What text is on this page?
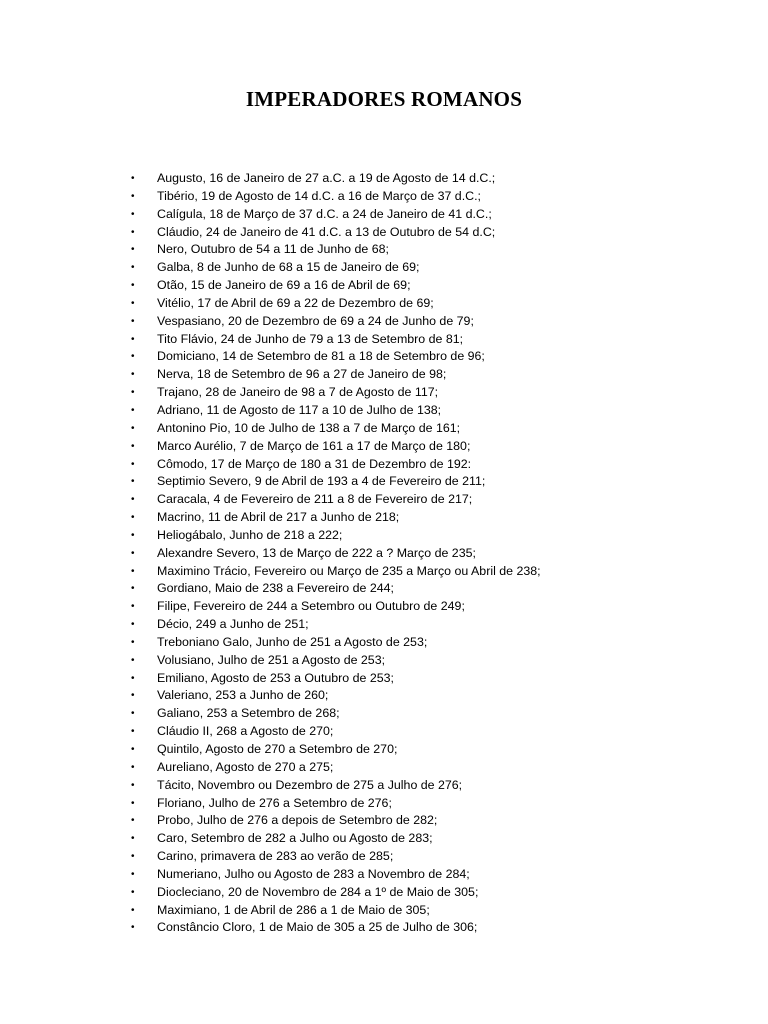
IMPERADORES ROMANOS
• Augusto, 16 de Janeiro de 27 a.C. a 19 de Agosto de 14 d.C.;
• Tibério, 19 de Agosto de 14 d.C. a 16 de Março de 37 d.C.;
• Calígula, 18 de Março de 37 d.C. a 24 de Janeiro de 41 d.C.;
• Cláudio, 24 de Janeiro de 41 d.C. a 13 de Outubro de 54 d.C;
• Nero, Outubro de 54 a 11 de Junho de 68;
• Galba, 8 de Junho de 68 a 15 de Janeiro de 69;
• Otão, 15 de Janeiro de 69 a 16 de Abril de 69;
• Vitélio, 17 de Abril de 69 a 22 de Dezembro de 69;
• Vespasiano, 20 de Dezembro de 69 a 24 de Junho de 79;
• Tito Flávio, 24 de Junho de 79 a 13 de Setembro de 81;
• Domiciano, 14 de Setembro de 81 a 18 de Setembro de 96;
• Nerva, 18 de Setembro de 96 a 27 de Janeiro de 98;
• Trajano, 28 de Janeiro de 98 a 7 de Agosto de 117;
• Adriano, 11 de Agosto de 117 a 10 de Julho de 138;
• Antonino Pio, 10 de Julho de 138 a 7 de Março de 161;
• Marco Aurélio, 7 de Março de 161 a 17 de Março de 180;
• Cômodo, 17 de Março de 180 a 31 de Dezembro de 192:
• Septimio Severo, 9 de Abril de 193 a 4 de Fevereiro de 211;
• Caracala, 4 de Fevereiro de 211 a 8 de Fevereiro de 217;
• Macrino, 11 de Abril de 217 a Junho de 218;
• Heliogábalo, Junho de 218 a 222;
• Alexandre Severo, 13 de Março de 222 a ? Março de 235;
• Maximino Trácio, Fevereiro ou Março de 235 a Março ou Abril de 238;
• Gordiano, Maio de 238 a Fevereiro de 244;
• Filipe, Fevereiro de 244 a Setembro ou Outubro de 249;
• Décio, 249 a Junho de 251;
• Treboniano Galo, Junho de 251 a Agosto de 253;
• Volusiano, Julho de 251 a Agosto de 253;
• Emiliano, Agosto de 253 a Outubro de 253;
• Valeriano, 253 a Junho de 260;
• Galiano, 253 a Setembro de 268;
• Cláudio II, 268 a Agosto de 270;
• Quintilo, Agosto de 270 a Setembro de 270;
• Aureliano, Agosto de 270 a 275;
• Tácito, Novembro ou Dezembro de 275 a Julho de 276;
• Floriano, Julho de 276 a Setembro de 276;
• Probo, Julho de 276 a depois de Setembro de 282;
• Caro, Setembro de 282 a Julho ou Agosto de 283;
• Carino, primavera de 283 ao verão de 285;
• Numeriano, Julho ou Agosto de 283 a Novembro de 284;
• Diocleciano, 20 de Novembro de 284 a 1º de Maio de 305;
• Maximiano, 1 de Abril de 286 a 1 de Maio de 305;
• Constâncio Cloro, 1 de Maio de 305 a 25 de Julho de 306;
